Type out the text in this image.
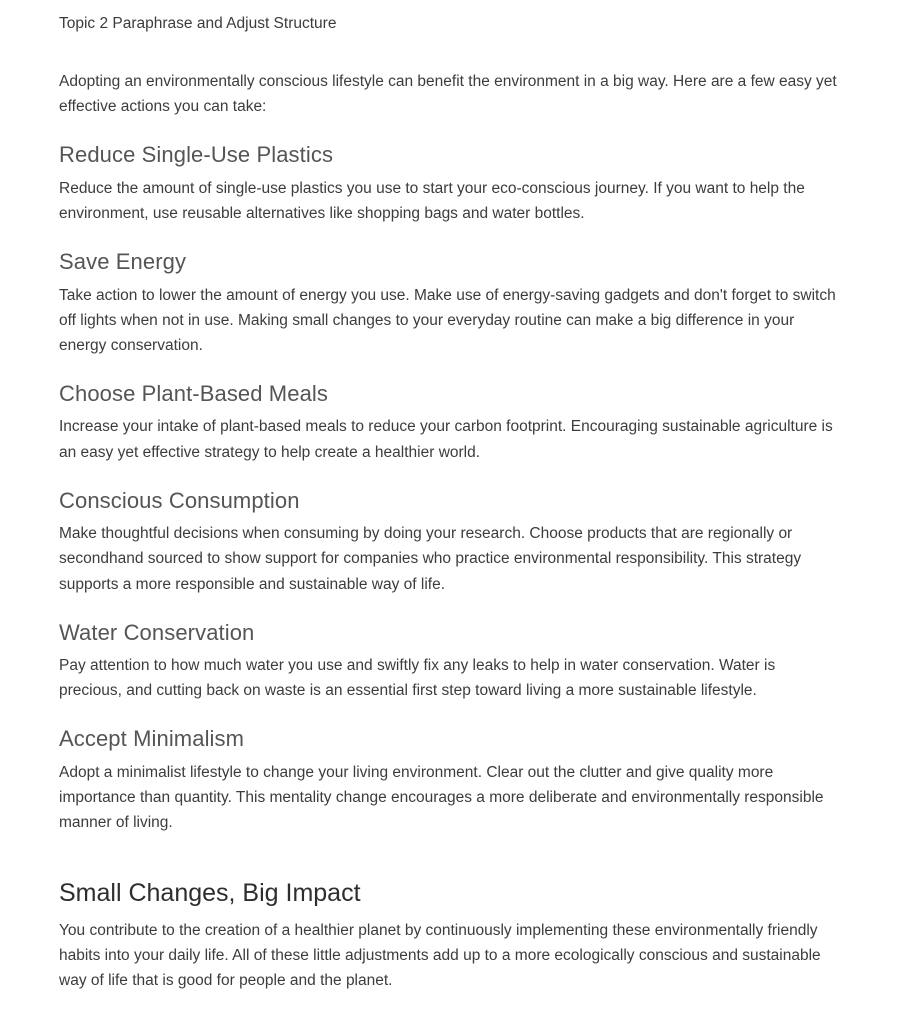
Topic 2 Paraphrase and Adjust Structure

Adopting an environmentally conscious lifestyle can benefit the environment in a big way. Here are a few easy yet effective actions you can take:

Reduce Single-Use Plastics

Reduce the amount of single-use plastics you use to start your eco-conscious journey. If you want to help the environment, use reusable alternatives like shopping bags and water bottles.

Save Energy

Take action to lower the amount of energy you use. Make use of energy-saving gadgets and don't forget to switch off lights when not in use. Making small changes to your everyday routine can make a big difference in your energy conservation.

Choose Plant-Based Meals

Increase your intake of plant-based meals to reduce your carbon footprint. Encouraging sustainable agriculture is an easy yet effective strategy to help create a healthier world.

Conscious Consumption

Make thoughtful decisions when consuming by doing your research. Choose products that are regionally or secondhand sourced to show support for companies who practice environmental responsibility. This strategy supports a more responsible and sustainable way of life.

Water Conservation

Pay attention to how much water you use and swiftly fix any leaks to help in water conservation. Water is precious, and cutting back on waste is an essential first step toward living a more sustainable lifestyle.

Accept Minimalism

Adopt a minimalist lifestyle to change your living environment. Clear out the clutter and give quality more importance than quantity. This mentality change encourages a more deliberate and environmentally responsible manner of living.

Small Changes, Big Impact

You contribute to the creation of a healthier planet by continuously implementing these environmentally friendly habits into your daily life. All of these little adjustments add up to a more ecologically conscious and sustainable way of life that is good for people and the planet.
